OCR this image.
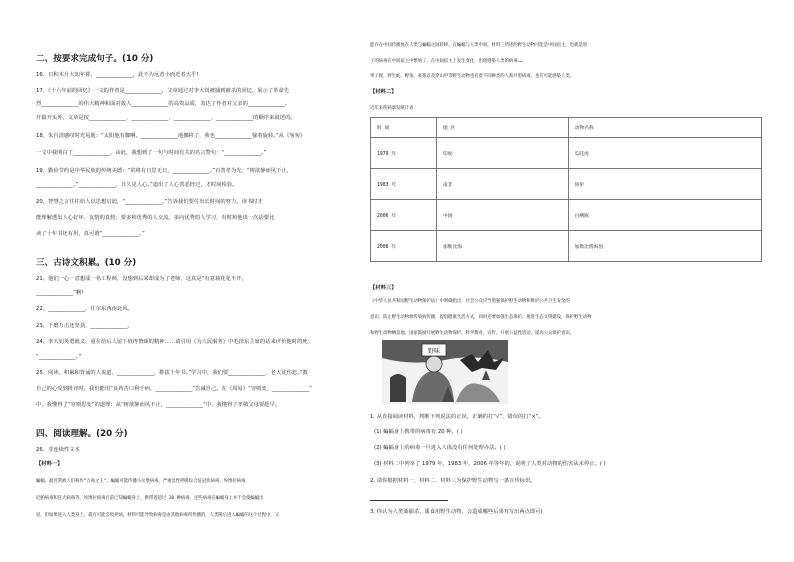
二、按要求完成句子。(10 分)
16、日积木月大知年暮，______________，此不为远者小而近者大乎!
17、《十六年前的回忆》一文的作者是______________，文章通过对李大钊被捕到被杀的回忆，展示了革命先
烈______________的伟大精神和面对敌人______________的高贵品质，表达了作者对父亲的______________。
开篇开头外，文章是按______________、______________、______________、______________的顺序来叙述的。
18、朱自清感叹时光易逝：“太阳他有脚啊，______________地挪移了，我也______________躲着旋转。”从《匆匆》
一文中我明白了______________，由此，我想到了一句与时间有关的名言警句：“______________。”
19、勤俭节约是中华民族的传统美德：“常将有日思无日，______________。”百善孝为先：“树欲静而风不止，
______________。”______________，日久见人心。”道出了人心善恶经过，才时间检验。
20、智慧之言往往给人以思想启迪，“______________。”告诉我们要付出长时间的努力，读书时才
能理解透出人心好坏、友情的真假；要多和优秀的人交流，多向优秀的人学习，有时和他谈一次话要比
读了十年书还有用，真可谓“______________。”
三、古诗文积累。(10 分)
21、他们一心一意想成一名工程师，没想到后来却成为了老师，这真是“有意栽花花不开，
______________”啊!
22、______________，任尔东西南北风。
23、千磨万击还坚劲，______________。
24、李大钊英勇就义，重在给后人留下值得赞颂的精神……请引用《为人民服务》中毛泽东主席的话来评价他时的死：
“______________。”
25、阅读，积累和背诵的人说道，______________，鞋拔十年书。”学习中，我们要______________，老大徒伤悲。”教
自己的心受到批评时，我们能用“良药苦口利于病，______________”告诫自己。在《周易》“穷则变，______________”
中，我懂得了“穷则思变”的道理；从“树欲静而风不止，______________”中，我懂得了孝敬父母要趁早。
四、阅读理解。(20 分)
26、非连续性文本
【材料一】
蝙蝠，最近常被人们称作“万毒之王”。蝙蝠可能传播马尔堡病毒、严重急性呼吸综合征冠状病毒、埃博拉病毒、
尼帕病毒和狂犬病毒等，埃博拉病毒目前已知蝙蝠身上，携带着超过 20 种病毒，还些病毒在蝙蝠身上并不会使蝙蝠出
显，但如果进入人类身上，就有可能会致死病。材料可能导致病毒是由其他病毒所传播的，人类随后进入蝙蝠的这个过程中，又
能存在中间传播体在人类与蝙蝠之间转移。在蝙蝠与人类中间，材料三所述的野生动物可能是中间宿主，也就是原
子的病毒在中间宿主中繁殖了，在中间宿主上发生变化，出现感染人类的病毒……
果子狸、野生蛇、野兔、豪猪以及穿山甲等野生动物也有着不同种类的人畜共患病毒，也有可能感染人类。
【材料二】
近年来疾病暴发统计表
时 间	地 区	动物名称
1979 年	印度	瓜哇虎
1983 年	南非	斑驴
2006 年	中国	白鳍豚
2008 年	加勒比海	加勒比僧海豹
【材料三】
《中华人民共和国野生动物保护法》中明确指出：社会公众应当增强保护野生动物和维护公共卫生安全的
意识，防止野生动物源传染病传播，提倡健康生活方式，同时还要加强生态保护，推进生态文明建设，保护野生动物
和野生动物栖息地。国家鼓励开展野生动物保护，科学教育、宣传，开展公益性活动，提高公众保护意识。
野味
1. 从直接阅读材料，判断下列说法的正误，正确的打“√”，错误的打“×”。
(1) 蝙蝠身上携带的病毒有 20 种。( )
(2) 蝙蝠身上的病毒一旦进入人体没有任何处理办法。( )
(3) 材料二中列举了 1979 年、1983 年、2006 年等年的，说明了人类对动物的伤害从未停止。( )
2. 请你根据材料一、材料二、材料三为保护野生动物写一条宣传标语。
3. 你认为人类滥捕杀、滥食用野生动物，会造成哪些后果?(写出两点即可)
